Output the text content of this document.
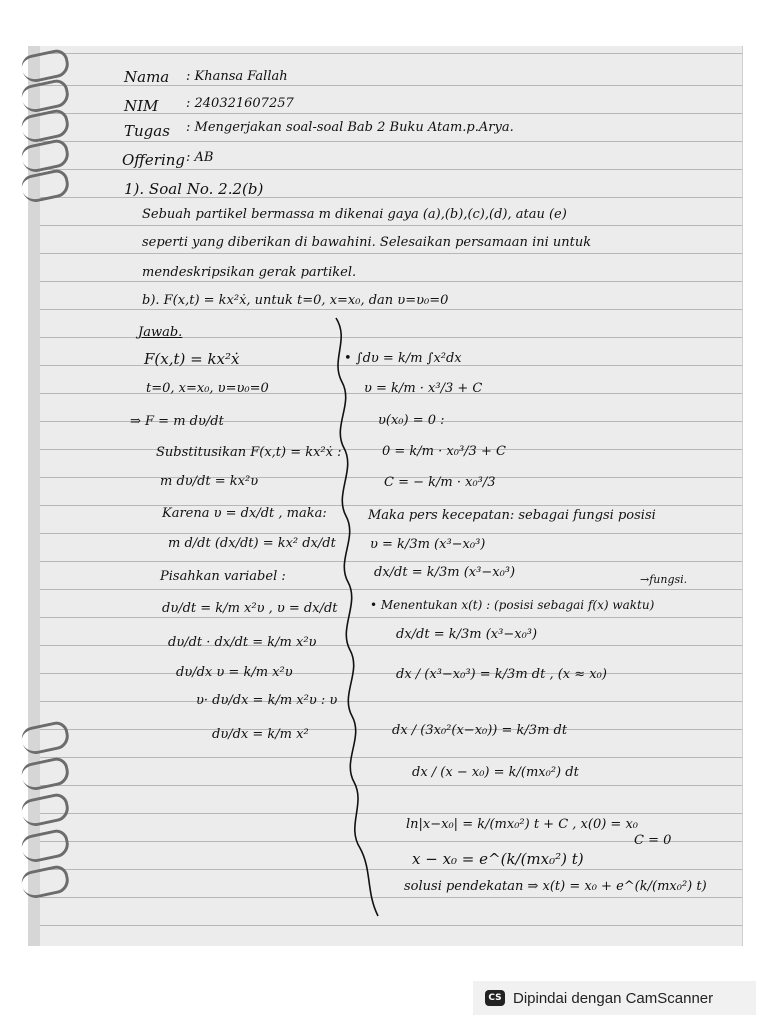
Nama : Khansa Fallah
NIM : 240321607257
Tugas : Mengerjakan soal-soal Bab 2 Buku Atam.p.Arya.
Offering : AB
1). Soal No. 2.2(b)
Sebuah partikel bermassa m dikenai gaya (a),(b),(c),(d), atau (e)
seperti yang diberikan di bawahini. Selesaikan persamaan ini untuk
mendeskripsikan gerak partikel.
b). F(x,t) = kx²ẋ, untuk t=0, x=x₀, dan υ=υ₀=0
Jawab.
F(x,t) = kx²ẋ
t=0, x=x₀, υ=υ₀=0
⇒ F = m dυ/dt
Substitusikan F(x,t) = kx²ẋ :
m dυ/dt = kx²υ
Karena υ = dx/dt , maka:
m d/dt (dx/dt) = kx² dx/dt
Pisahkan variabel :
dυ/dt = k/m x²υ , υ = dx/dt
dυ/dt · dx/dt = k/m x²υ
dυ/dx υ = k/m x²υ
υ· dυ/dx = k/m x²υ : υ
dυ/dx = k/m x²
• ∫dυ = k/m ∫x²dx
υ = k/m · x³/3 + C
υ(x₀) = 0 :
0 = k/m · x₀³/3 + C
C = − k/m · x₀³/3
Maka pers kecepatan: sebagai fungsi posisi
υ = k/3m (x³−x₀³)
dx/dt = k/3m (x³−x₀³)	→fungsi.
• Menentukan x(t) : (posisi sebagai f(x) waktu)
dx/dt = k/3m (x³−x₀³)
dx / (x³−x₀³) = k/3m dt , (x ≈ x₀)
dx / (3x₀²(x−x₀)) = k/3m dt
dx / (x − x₀) = k/(mx₀²) dt
ln|x−x₀| = k/(mx₀²) t + C , x(0) = x₀
C = 0
x − x₀ = e^(k/(mx₀²) t)
solusi pendekatan ⇒ x(t) = x₀ + e^(k/(mx₀²) t)
CS Dipindai dengan CamScanner
